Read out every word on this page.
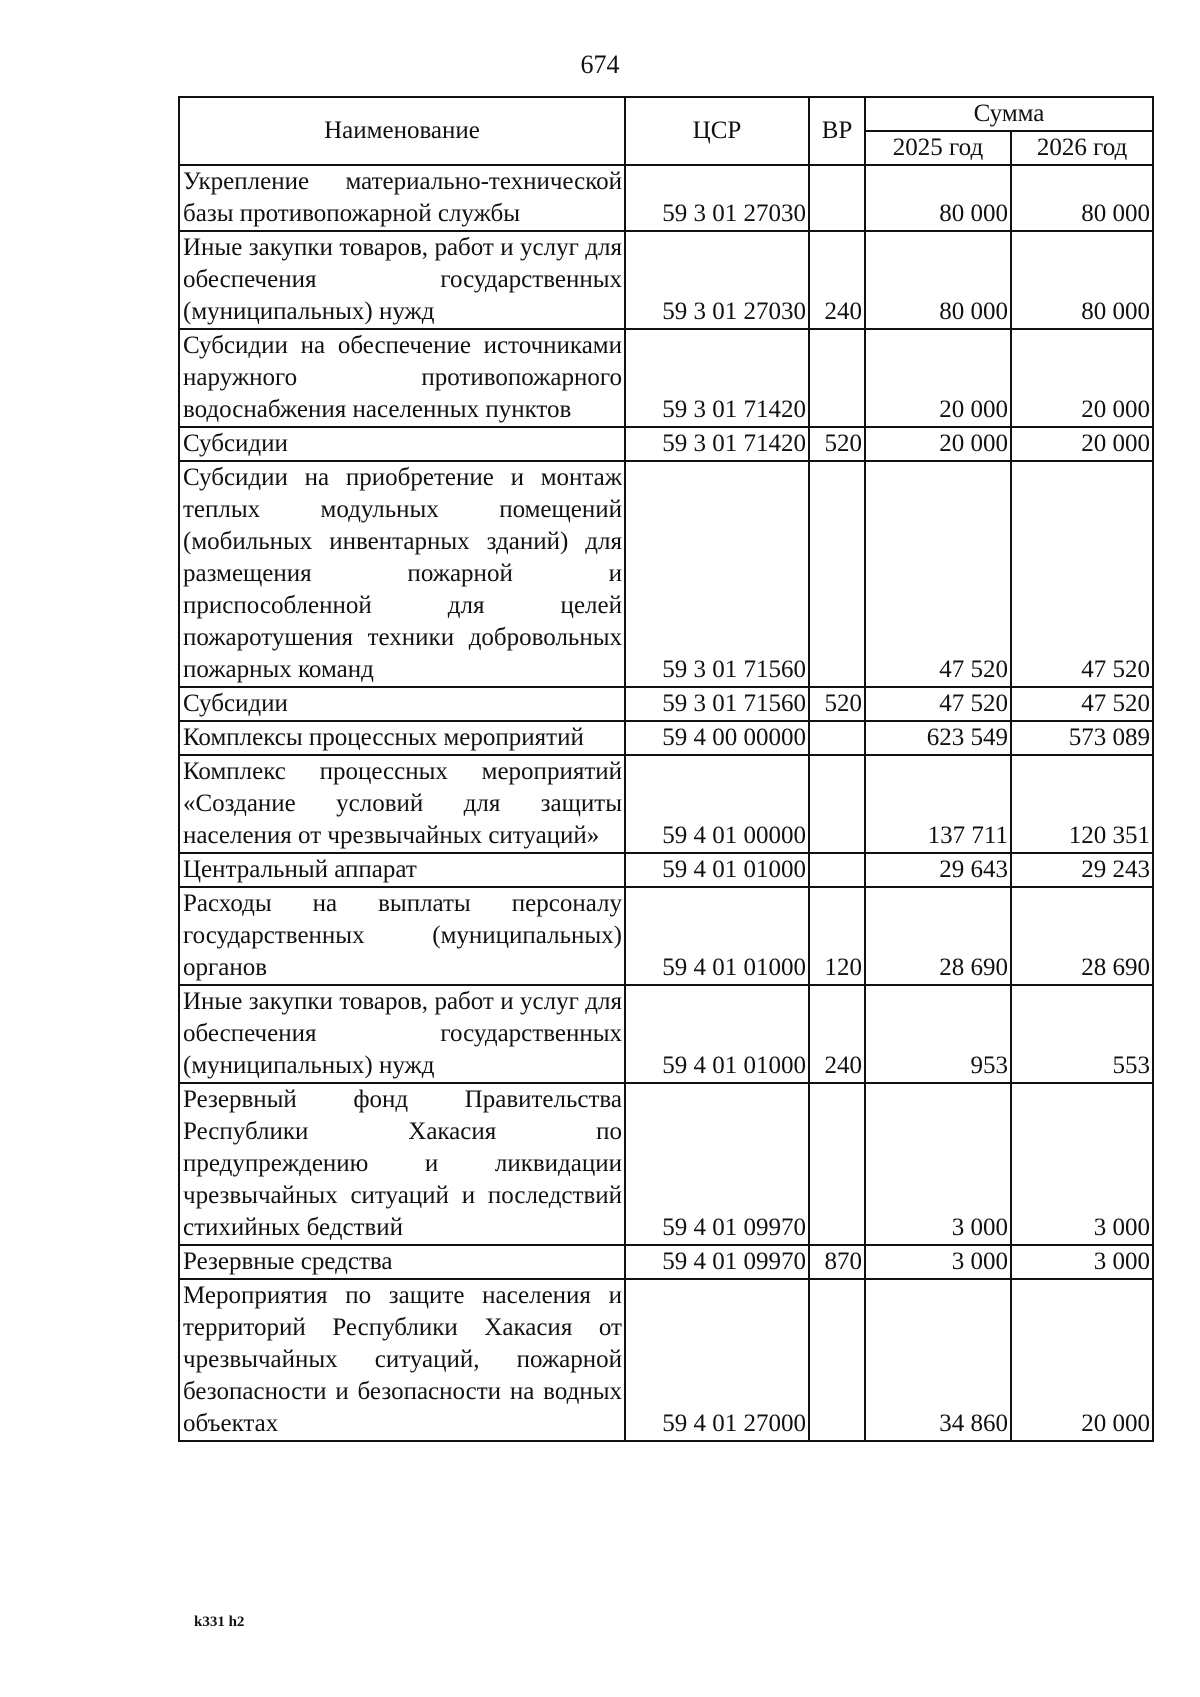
674
Наименование	ЦСР	ВР	Сумма	
			2025 год	2026 год
Укрепление материально-технической базы противопожарной службы	59 3 01 27030		80 000	80 000
Иные закупки товаров, работ и услуг для обеспечения государственных (муниципальных) нужд	59 3 01 27030	240	80 000	80 000
Субсидии на обеспечение источниками наружного противопожарного водоснабжения населенных пунктов	59 3 01 71420		20 000	20 000
Субсидии	59 3 01 71420	520	20 000	20 000
Субсидии на приобретение и монтаж теплых модульных помещений (мобильных инвентарных зданий) для размещения пожарной и приспособленной для целей пожаротушения техники добровольных пожарных команд	59 3 01 71560		47 520	47 520
Субсидии	59 3 01 71560	520	47 520	47 520
Комплексы процессных мероприятий	59 4 00 00000		623 549	573 089
Комплекс процессных мероприятий «Создание условий для защиты населения от чрезвычайных ситуаций»	59 4 01 00000		137 711	120 351
Центральный аппарат	59 4 01 01000		29 643	29 243
Расходы на выплаты персоналу государственных (муниципальных) органов	59 4 01 01000	120	28 690	28 690
Иные закупки товаров, работ и услуг для обеспечения государственных (муниципальных) нужд	59 4 01 01000	240	953	553
Резервный фонд Правительства Республики Хакасия по предупреждению и ликвидации чрезвычайных ситуаций и последствий стихийных бедствий	59 4 01 09970		3 000	3 000
Резервные средства	59 4 01 09970	870	3 000	3 000
Мероприятия по защите населения и территорий Республики Хакасия от чрезвычайных ситуаций, пожарной безопасности и безопасности на водных объектах	59 4 01 27000		34 860	20 000
k331 h2
